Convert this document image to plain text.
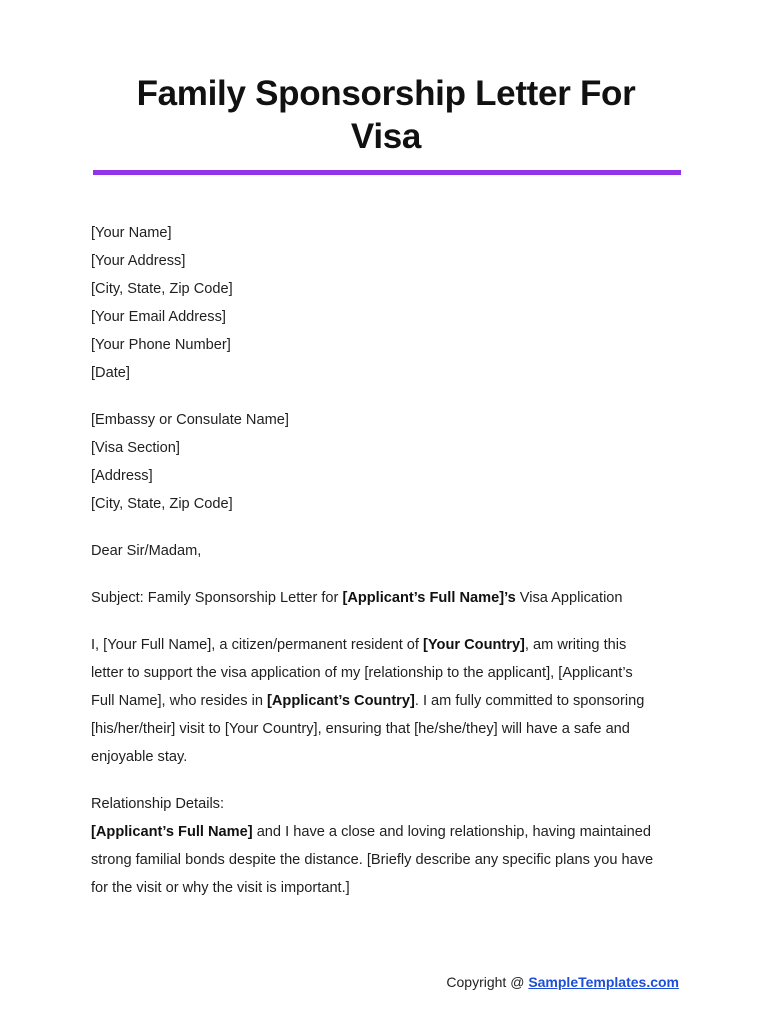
Family Sponsorship Letter For
Visa
[Your Name]
[Your Address]
[City, State, Zip Code]
[Your Email Address]
[Your Phone Number]
[Date]
[Embassy or Consulate Name]
[Visa Section]
[Address]
[City, State, Zip Code]
Dear Sir/Madam,
Subject: Family Sponsorship Letter for [Applicant’s Full Name]’s Visa Application
I, [Your Full Name], a citizen/permanent resident of [Your Country], am writing this
letter to support the visa application of my [relationship to the applicant], [Applicant’s
Full Name], who resides in [Applicant’s Country]. I am fully committed to sponsoring
[his/her/their] visit to [Your Country], ensuring that [he/she/they] will have a safe and
enjoyable stay.
Relationship Details:
[Applicant’s Full Name] and I have a close and loving relationship, having maintained
strong familial bonds despite the distance. [Briefly describe any specific plans you have
for the visit or why the visit is important.]
Copyright @ SampleTemplates.com
